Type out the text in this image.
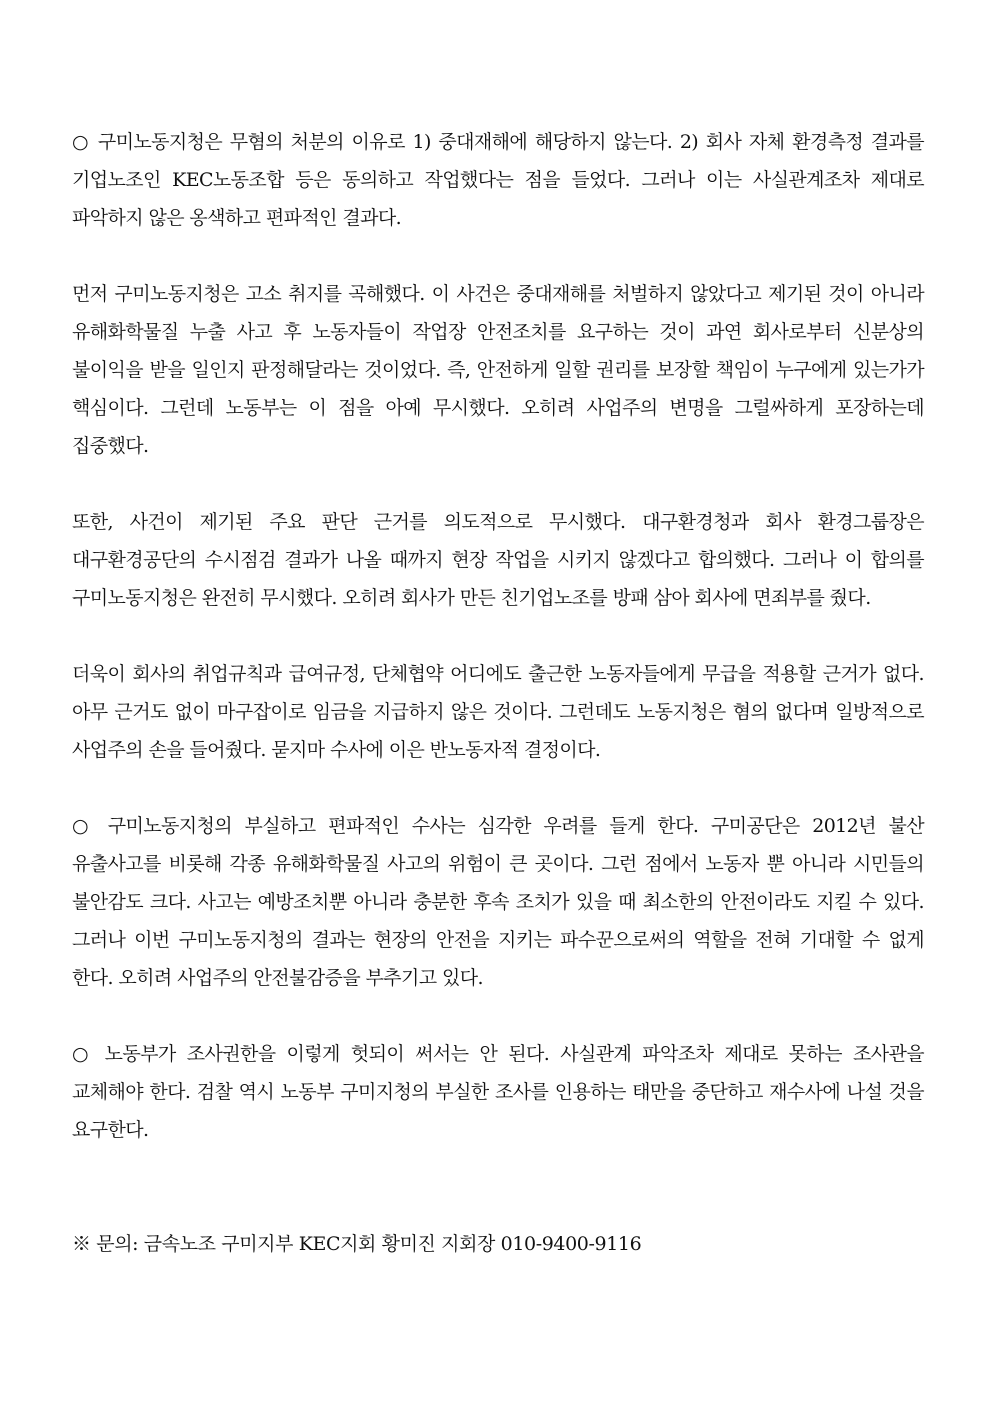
○ 구미노동지청은 무혐의 처분의 이유로 1) 중대재해에 해당하지 않는다. 2) 회사 자체 환경측정 결과를 기업노조인 KEC노동조합 등은 동의하고 작업했다는 점을 들었다. 그러나 이는 사실관계조차 제대로 파악하지 않은 옹색하고 편파적인 결과다.

먼저 구미노동지청은 고소 취지를 곡해했다. 이 사건은 중대재해를 처벌하지 않았다고 제기된 것이 아니라 유해화학물질 누출 사고 후 노동자들이 작업장 안전조치를 요구하는 것이 과연 회사로부터 신분상의 불이익을 받을 일인지 판정해달라는 것이었다. 즉, 안전하게 일할 권리를 보장할 책임이 누구에게 있는가가 핵심이다. 그런데 노동부는 이 점을 아예 무시했다. 오히려 사업주의 변명을 그럴싸하게 포장하는데 집중했다.

또한, 사건이 제기된 주요 판단 근거를 의도적으로 무시했다. 대구환경청과 회사 환경그룹장은 대구환경공단의 수시점검 결과가 나올 때까지 현장 작업을 시키지 않겠다고 합의했다. 그러나 이 합의를 구미노동지청은 완전히 무시했다. 오히려 회사가 만든 친기업노조를 방패 삼아 회사에 면죄부를 줬다.

더욱이 회사의 취업규칙과 급여규정, 단체협약 어디에도 출근한 노동자들에게 무급을 적용할 근거가 없다. 아무 근거도 없이 마구잡이로 임금을 지급하지 않은 것이다. 그런데도 노동지청은 혐의 없다며 일방적으로 사업주의 손을 들어줬다. 묻지마 수사에 이은 반노동자적 결정이다.

○ 구미노동지청의 부실하고 편파적인 수사는 심각한 우려를 들게 한다. 구미공단은 2012년 불산 유출사고를 비롯해 각종 유해화학물질 사고의 위험이 큰 곳이다. 그런 점에서 노동자 뿐 아니라 시민들의 불안감도 크다. 사고는 예방조치뿐 아니라 충분한 후속 조치가 있을 때 최소한의 안전이라도 지킬 수 있다. 그러나 이번 구미노동지청의 결과는 현장의 안전을 지키는 파수꾼으로써의 역할을 전혀 기대할 수 없게 한다. 오히려 사업주의 안전불감증을 부추기고 있다.

○ 노동부가 조사권한을 이렇게 헛되이 써서는 안 된다. 사실관계 파악조차 제대로 못하는 조사관을 교체해야 한다. 검찰 역시 노동부 구미지청의 부실한 조사를 인용하는 태만을 중단하고 재수사에 나설 것을 요구한다.

※ 문의: 금속노조 구미지부 KEC지회 황미진 지회장 010-9400-9116
